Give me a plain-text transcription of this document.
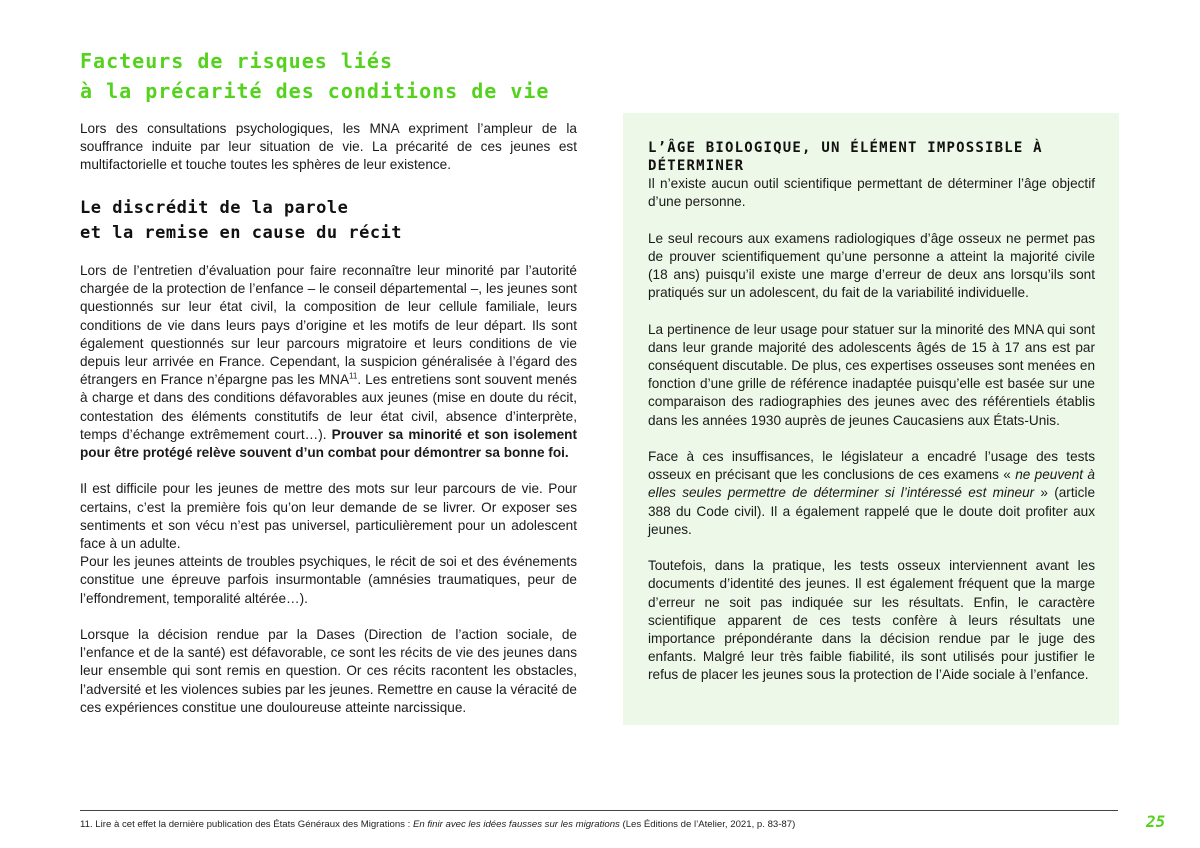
Facteurs de risques liés
à la précarité des conditions de vie

Lors des consultations psychologiques, les MNA expriment l’ampleur de la souffrance induite par leur situation de vie. La précarité de ces jeunes est multifactorielle et touche toutes les sphères de leur existence.

Le discrédit de la parole
et la remise en cause du récit

Lors de l’entretien d’évaluation pour faire reconnaître leur minorité par l’autorité chargée de la protection de l’enfance – le conseil départemental –, les jeunes sont questionnés sur leur état civil, la composition de leur cellule familiale, leurs conditions de vie dans leurs pays d’origine et les motifs de leur départ. Ils sont également questionnés sur leur parcours migratoire et leurs conditions de vie depuis leur arrivée en France. Cependant, la suspicion généralisée à l’égard des étrangers en France n’épargne pas les MNA$^{11}$. Les entretiens sont souvent menés à charge et dans des conditions défavorables aux jeunes (mise en doute du récit, contestation des éléments constitutifs de leur état civil, absence d’interprète, temps d’échange extrêmement court…). Prouver sa minorité et son isolement pour être protégé relève souvent d’un combat pour démontrer sa bonne foi.

Il est difficile pour les jeunes de mettre des mots sur leur parcours de vie. Pour certains, c’est la première fois qu’on leur demande de se livrer. Or exposer ses sentiments et son vécu n’est pas universel, particulièrement pour un adolescent face à un adulte.

Pour les jeunes atteints de troubles psychiques, le récit de soi et des événements constitue une épreuve parfois insurmontable (amnésies traumatiques, peur de l’effondrement, temporalité altérée…).

Lorsque la décision rendue par la Dases (Direction de l’action sociale, de l’enfance et de la santé) est défavorable, ce sont les récits de vie des jeunes dans leur ensemble qui sont remis en question. Or ces récits racontent les obstacles, l’adversité et les violences subies par les jeunes. Remettre en cause la véracité de ces expériences constitue une douloureuse atteinte narcissique.

L’ÂGE BIOLOGIQUE, UN ÉLÉMENT IMPOSSIBLE À DÉTERMINER

Il n’existe aucun outil scientifique permettant de déterminer l’âge objectif d’une personne.

Le seul recours aux examens radiologiques d’âge osseux ne permet pas de prouver scientifiquement qu’une personne a atteint la majorité civile (18 ans) puisqu’il existe une marge d’erreur de deux ans lorsqu’ils sont pratiqués sur un adolescent, du fait de la variabilité individuelle.

La pertinence de leur usage pour statuer sur la minorité des MNA qui sont dans leur grande majorité des adolescents âgés de 15 à 17 ans est par conséquent discutable. De plus, ces expertises osseuses sont menées en fonction d’une grille de référence inadaptée puisqu’elle est basée sur une comparaison des radiographies des jeunes avec des référentiels établis dans les années 1930 auprès de jeunes Caucasiens aux États-Unis.

Face à ces insuffisances, le législateur a encadré l’usage des tests osseux en précisant que les conclusions de ces examens « ne peuvent à elles seules permettre de déterminer si l’intéressé est mineur » (article 388 du Code civil). Il a également rappelé que le doute doit profiter aux jeunes.

Toutefois, dans la pratique, les tests osseux interviennent avant les documents d’identité des jeunes. Il est également fréquent que la marge d’erreur ne soit pas indiquée sur les résultats. Enfin, le caractère scientifique apparent de ces tests confère à leurs résultats une importance prépondérante dans la décision rendue par le juge des enfants. Malgré leur très faible fiabilité, ils sont utilisés pour justifier le refus de placer les jeunes sous la protection de l’Aide sociale à l’enfance.

11. Lire à cet effet la dernière publication des États Généraux des Migrations : En finir avec les idées fausses sur les migrations (Les Éditions de l’Atelier, 2021, p. 83-87)	25
